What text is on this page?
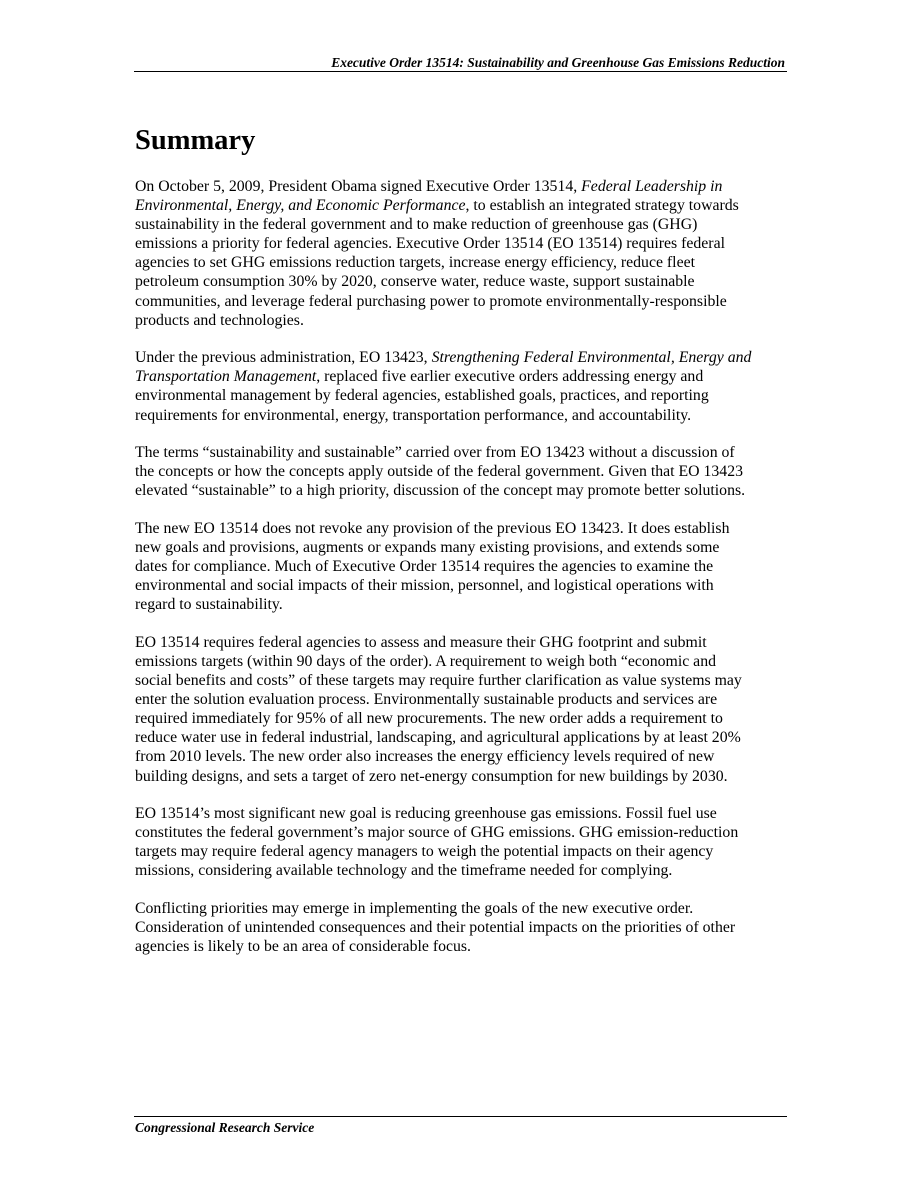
Executive Order 13514: Sustainability and Greenhouse Gas Emissions Reduction
Summary

On October 5, 2009, President Obama signed Executive Order 13514, Federal Leadership in
Environmental, Energy, and Economic Performance, to establish an integrated strategy towards
sustainability in the federal government and to make reduction of greenhouse gas (GHG)
emissions a priority for federal agencies. Executive Order 13514 (EO 13514) requires federal
agencies to set GHG emissions reduction targets, increase energy efficiency, reduce fleet
petroleum consumption 30% by 2020, conserve water, reduce waste, support sustainable
communities, and leverage federal purchasing power to promote environmentally-responsible
products and technologies.

Under the previous administration, EO 13423, Strengthening Federal Environmental, Energy and
Transportation Management, replaced five earlier executive orders addressing energy and
environmental management by federal agencies, established goals, practices, and reporting
requirements for environmental, energy, transportation performance, and accountability.

The terms “sustainability and sustainable” carried over from EO 13423 without a discussion of
the concepts or how the concepts apply outside of the federal government. Given that EO 13423
elevated “sustainable” to a high priority, discussion of the concept may promote better solutions.

The new EO 13514 does not revoke any provision of the previous EO 13423. It does establish
new goals and provisions, augments or expands many existing provisions, and extends some
dates for compliance. Much of Executive Order 13514 requires the agencies to examine the
environmental and social impacts of their mission, personnel, and logistical operations with
regard to sustainability.

EO 13514 requires federal agencies to assess and measure their GHG footprint and submit
emissions targets (within 90 days of the order). A requirement to weigh both “economic and
social benefits and costs” of these targets may require further clarification as value systems may
enter the solution evaluation process. Environmentally sustainable products and services are
required immediately for 95% of all new procurements. The new order adds a requirement to
reduce water use in federal industrial, landscaping, and agricultural applications by at least 20%
from 2010 levels. The new order also increases the energy efficiency levels required of new
building designs, and sets a target of zero net-energy consumption for new buildings by 2030.

EO 13514’s most significant new goal is reducing greenhouse gas emissions. Fossil fuel use
constitutes the federal government’s major source of GHG emissions. GHG emission-reduction
targets may require federal agency managers to weigh the potential impacts on their agency
missions, considering available technology and the timeframe needed for complying.

Conflicting priorities may emerge in implementing the goals of the new executive order.
Consideration of unintended consequences and their potential impacts on the priorities of other
agencies is likely to be an area of considerable focus.

Congressional Research Service
